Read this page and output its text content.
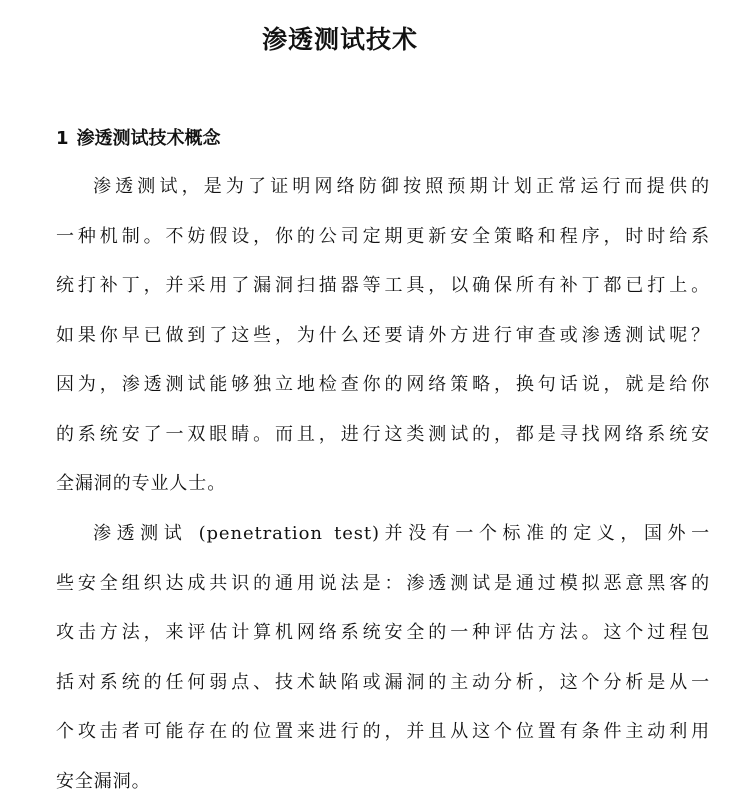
渗透测试技术
1 渗透测试技术概念
渗透测试，是为了证明网络防御按照预期计划正常运行而提供的
一种机制。不妨假设，你的公司定期更新安全策略和程序，时时给系
统打补丁，并采用了漏洞扫描器等工具，以确保所有补丁都已打上。
如果你早已做到了这些，为什么还要请外方进行审查或渗透测试呢？
因为，渗透测试能够独立地检查你的网络策略，换句话说，就是给你
的系统安了一双眼睛。而且，进行这类测试的，都是寻找网络系统安
全漏洞的专业人士。
渗透测试 (penetration test)并没有一个标准的定义，国外一
些安全组织达成共识的通用说法是：渗透测试是通过模拟恶意黑客的
攻击方法，来评估计算机网络系统安全的一种评估方法。这个过程包
括对系统的任何弱点、技术缺陷或漏洞的主动分析，这个分析是从一
个攻击者可能存在的位置来进行的，并且从这个位置有条件主动利用
安全漏洞。
